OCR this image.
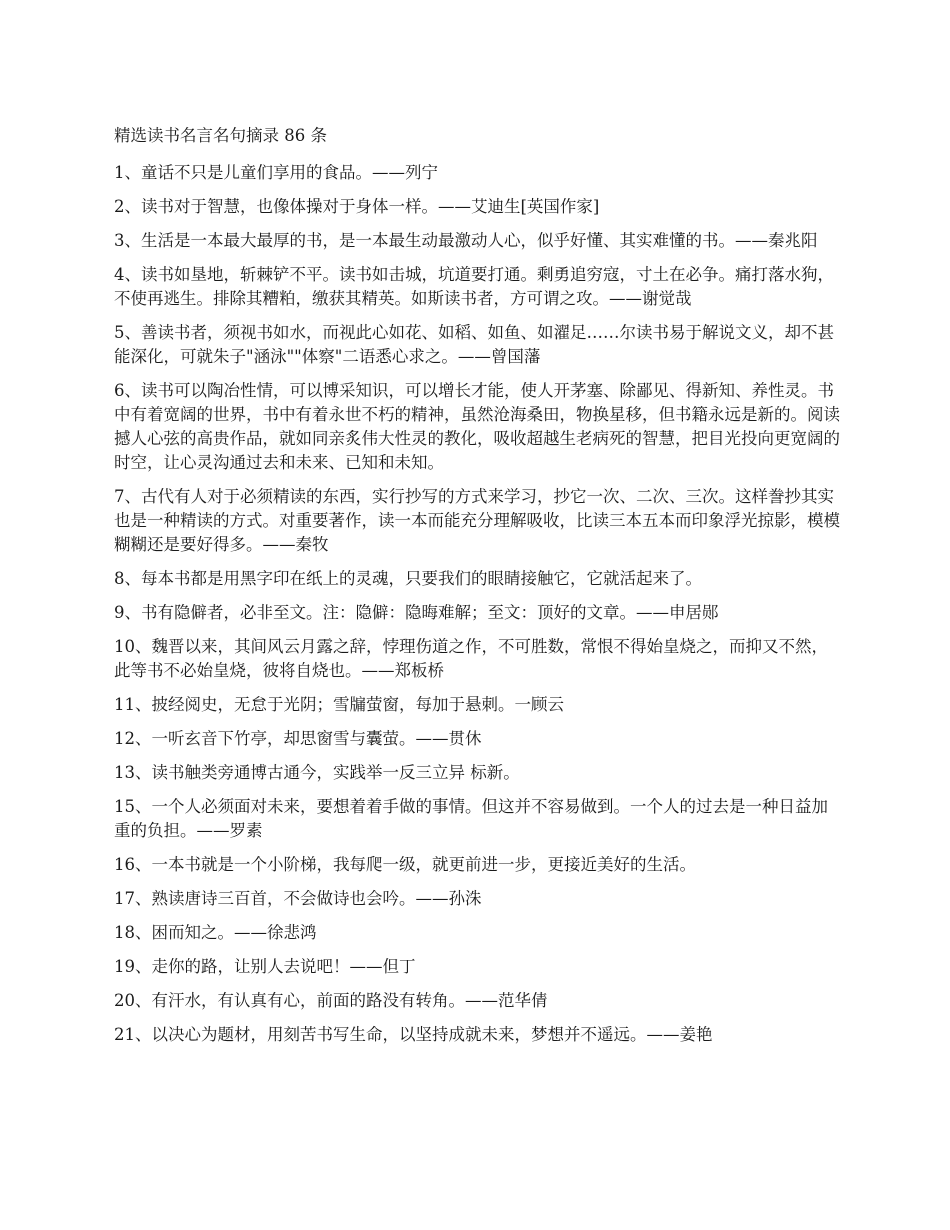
精选读书名言名句摘录 86 条
1、童话不只是儿童们享用的食品。——列宁
2、读书对于智慧，也像体操对于身体一样。——艾迪生[英国作家]
3、生活是一本最大最厚的书，是一本最生动最激动人心，似乎好懂、其实难懂的书。——秦兆阳
4、读书如垦地，斩棘铲不平。读书如击城，坑道要打通。剩勇追穷寇，寸土在必争。痛打落水狗，不使再逃生。排除其糟粕，缴获其精英。如斯读书者，方可谓之攻。——谢觉哉
5、善读书者，须视书如水，而视此心如花、如稻、如鱼、如濯足……尔读书易于解说文义，却不甚能深化，可就朱子"涵泳""体察"二语悉心求之。——曾国藩
6、读书可以陶冶性情，可以博采知识，可以增长才能，使人开茅塞、除鄙见、得新知、养性灵。书中有着宽阔的世界，书中有着永世不朽的精神，虽然沧海桑田，物换星移，但书籍永远是新的。阅读撼人心弦的高贵作品，就如同亲炙伟大性灵的教化，吸收超越生老病死的智慧，把目光投向更宽阔的时空，让心灵沟通过去和未来、已知和未知。
7、古代有人对于必须精读的东西，实行抄写的方式来学习，抄它一次、二次、三次。这样誊抄其实也是一种精读的方式。对重要著作，读一本而能充分理解吸收，比读三本五本而印象浮光掠影，模模糊糊还是要好得多。——秦牧
8、每本书都是用黑字印在纸上的灵魂，只要我们的眼睛接触它，它就活起来了。
9、书有隐僻者，必非至文。注：隐僻：隐晦难解；至文：顶好的文章。——申居郧
10、魏晋以来，其间风云月露之辞，悖理伤道之作，不可胜数，常恨不得始皇烧之，而抑又不然，此等书不必始皇烧，彼将自烧也。——郑板桥
11、披经阅史，无怠于光阴；雪牖萤窗，每加于悬刺。一顾云
12、一听玄音下竹亭，却思窗雪与囊萤。——贯休
13、读书触类旁通博古通今，实践举一反三立异 标新。
15、一个人必须面对未来，要想着着手做的事情。但这并不容易做到。一个人的过去是一种日益加重的负担。——罗素
16、一本书就是一个小阶梯，我每爬一级，就更前进一步，更接近美好的生活。
17、熟读唐诗三百首，不会做诗也会吟。——孙洙
18、困而知之。——徐悲鸿
19、走你的路，让别人去说吧！——但丁
20、有汗水，有认真有心，前面的路没有转角。——范华倩
21、以决心为题材，用刻苦书写生命，以坚持成就未来，梦想并不遥远。——姜艳
